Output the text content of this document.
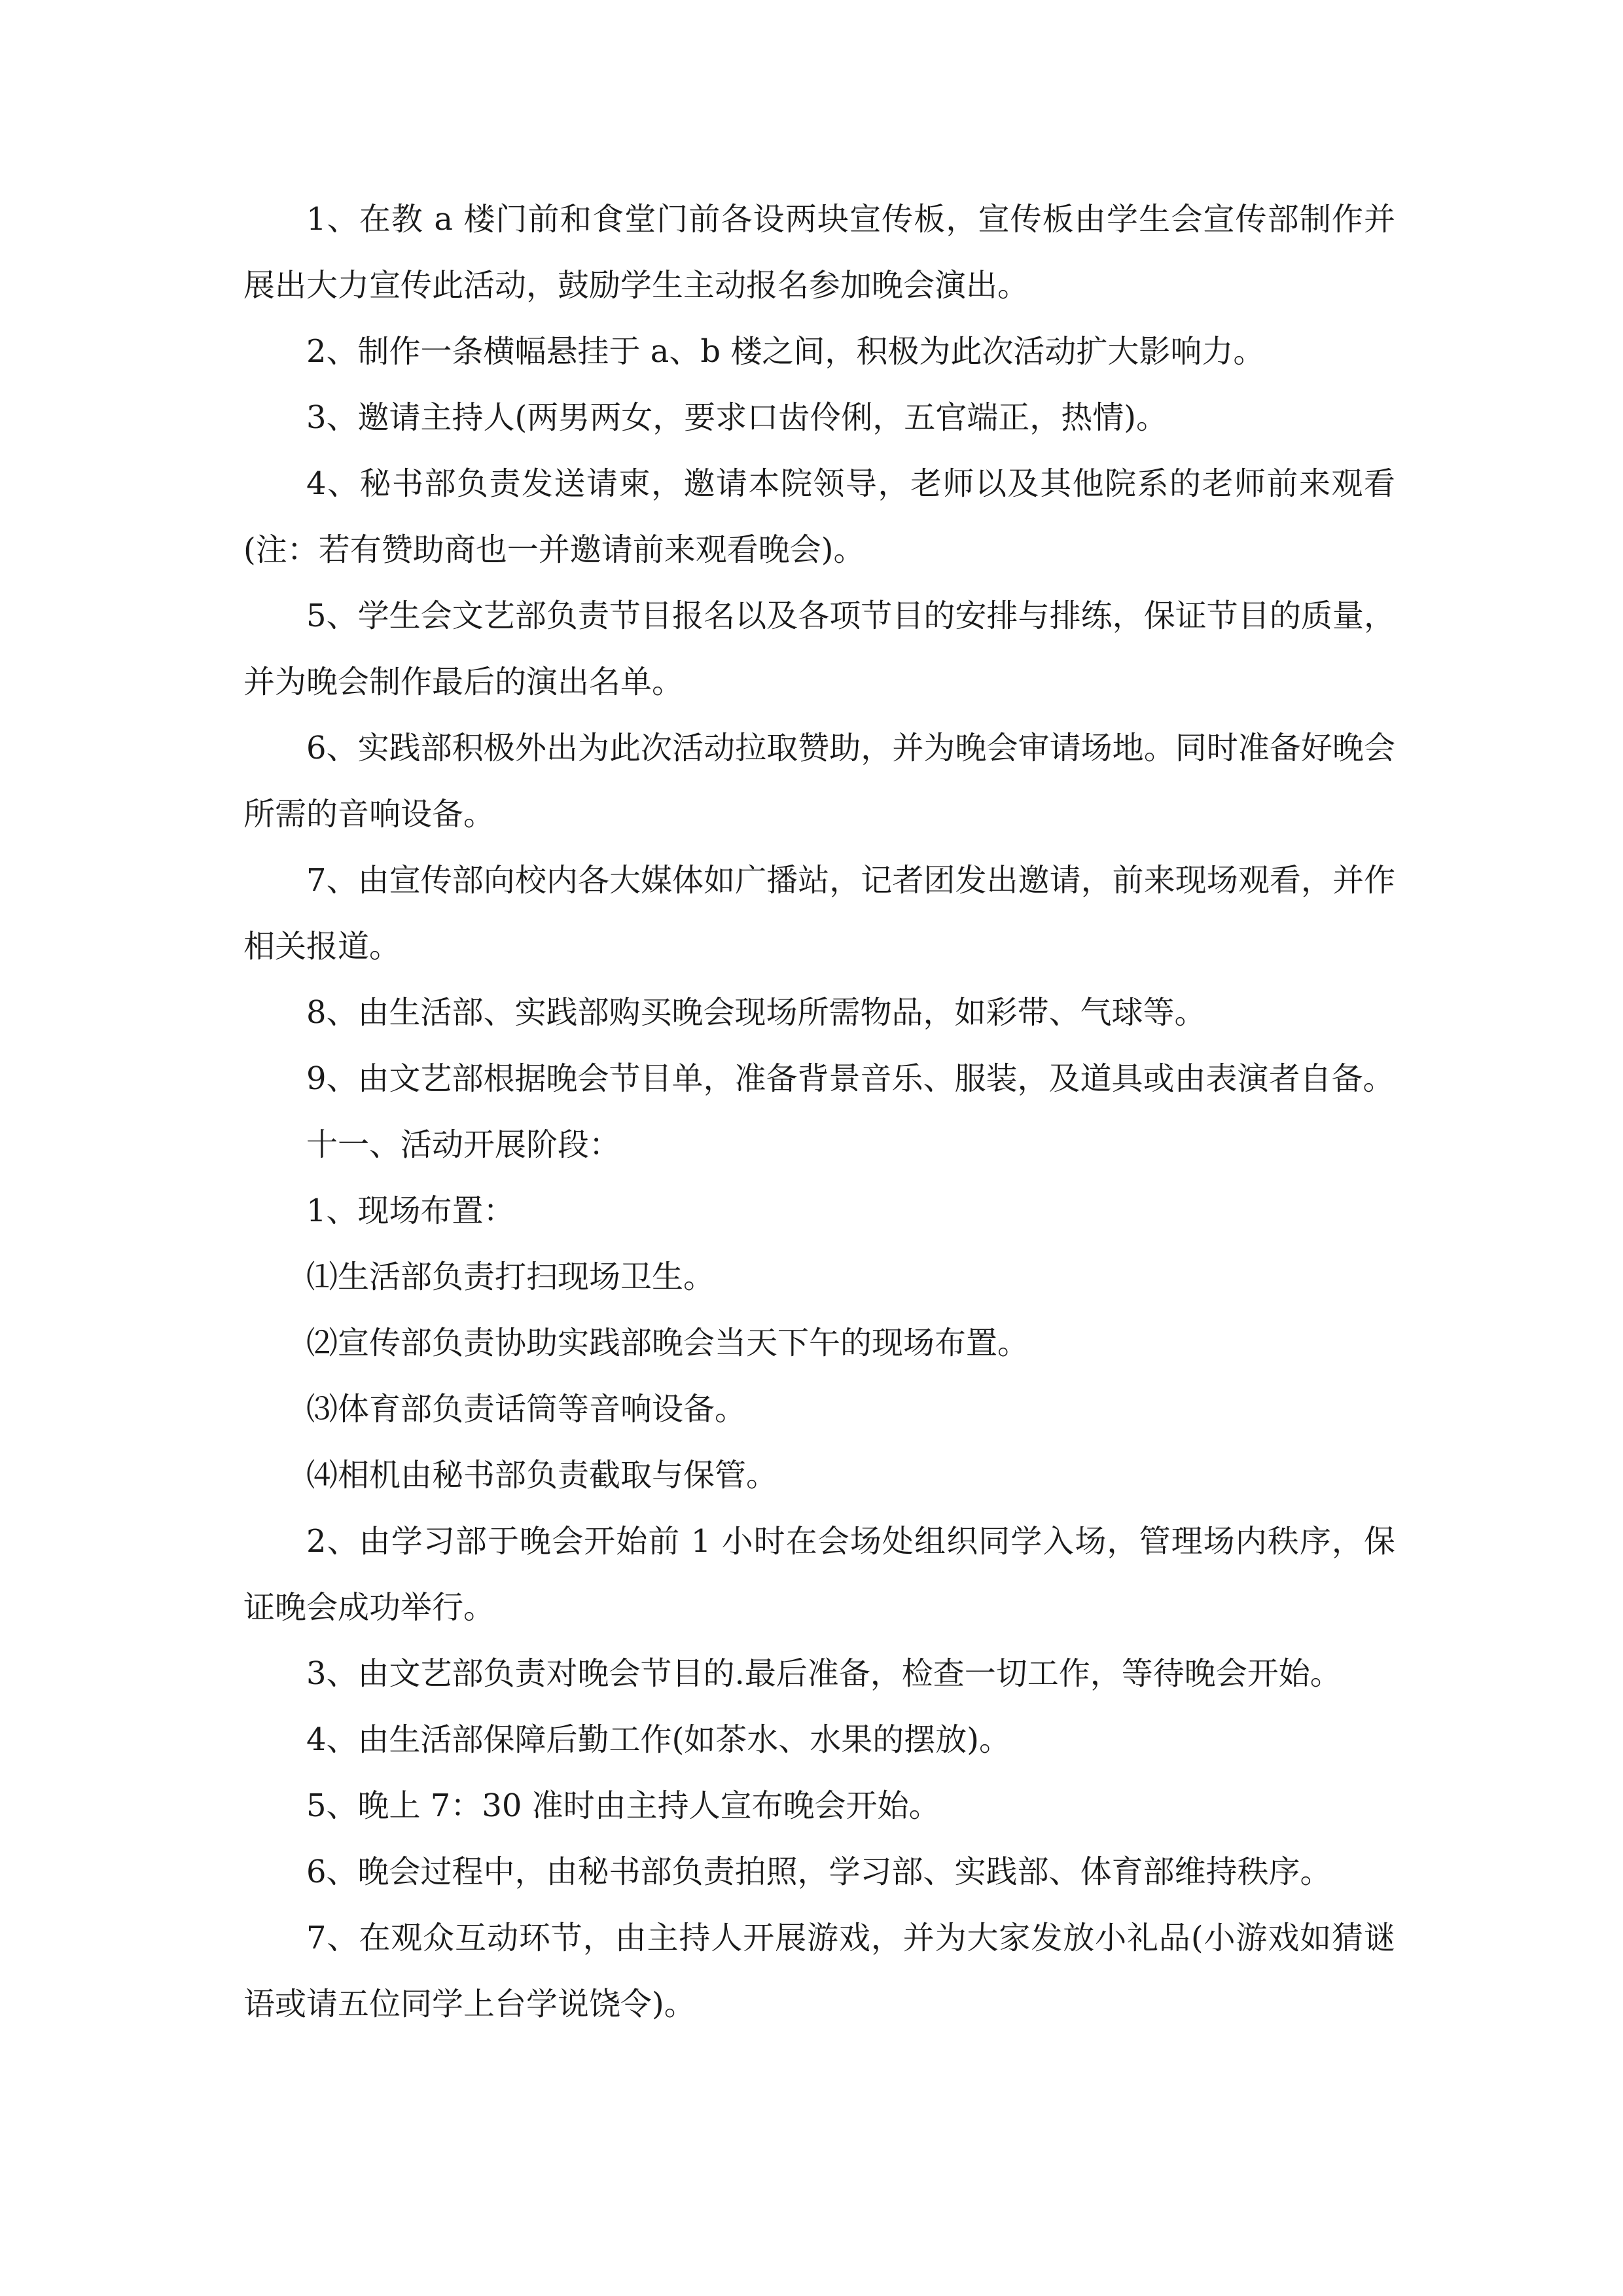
1、在教 a 楼门前和食堂门前各设两块宣传板，宣传板由学生会宣传部制作并展出大力宣传此活动，鼓励学生主动报名参加晚会演出。

2、制作一条横幅悬挂于 a、b 楼之间，积极为此次活动扩大影响力。

3、邀请主持人(两男两女，要求口齿伶俐，五官端正，热情)。

4、秘书部负责发送请柬，邀请本院领导，老师以及其他院系的老师前来观看(注：若有赞助商也一并邀请前来观看晚会)。

5、学生会文艺部负责节目报名以及各项节目的安排与排练，保证节目的质量，并为晚会制作最后的演出名单。

6、实践部积极外出为此次活动拉取赞助，并为晚会审请场地。同时准备好晚会所需的音响设备。

7、由宣传部向校内各大媒体如广播站，记者团发出邀请，前来现场观看，并作相关报道。

8、由生活部、实践部购买晚会现场所需物品，如彩带、气球等。

9、由文艺部根据晚会节目单，准备背景音乐、服装，及道具或由表演者自备。

十一、活动开展阶段：

1、现场布置：

⑴生活部负责打扫现场卫生。

⑵宣传部负责协助实践部晚会当天下午的现场布置。

⑶体育部负责话筒等音响设备。

⑷相机由秘书部负责截取与保管。

2、由学习部于晚会开始前 1 小时在会场处组织同学入场，管理场内秩序，保证晚会成功举行。

3、由文艺部负责对晚会节目的.最后准备，检查一切工作，等待晚会开始。

4、由生活部保障后勤工作(如茶水、水果的摆放)。

5、晚上 7：30 准时由主持人宣布晚会开始。

6、晚会过程中，由秘书部负责拍照，学习部、实践部、体育部维持秩序。

7、在观众互动环节，由主持人开展游戏，并为大家发放小礼品(小游戏如猜谜语或请五位同学上台学说饶令)。
